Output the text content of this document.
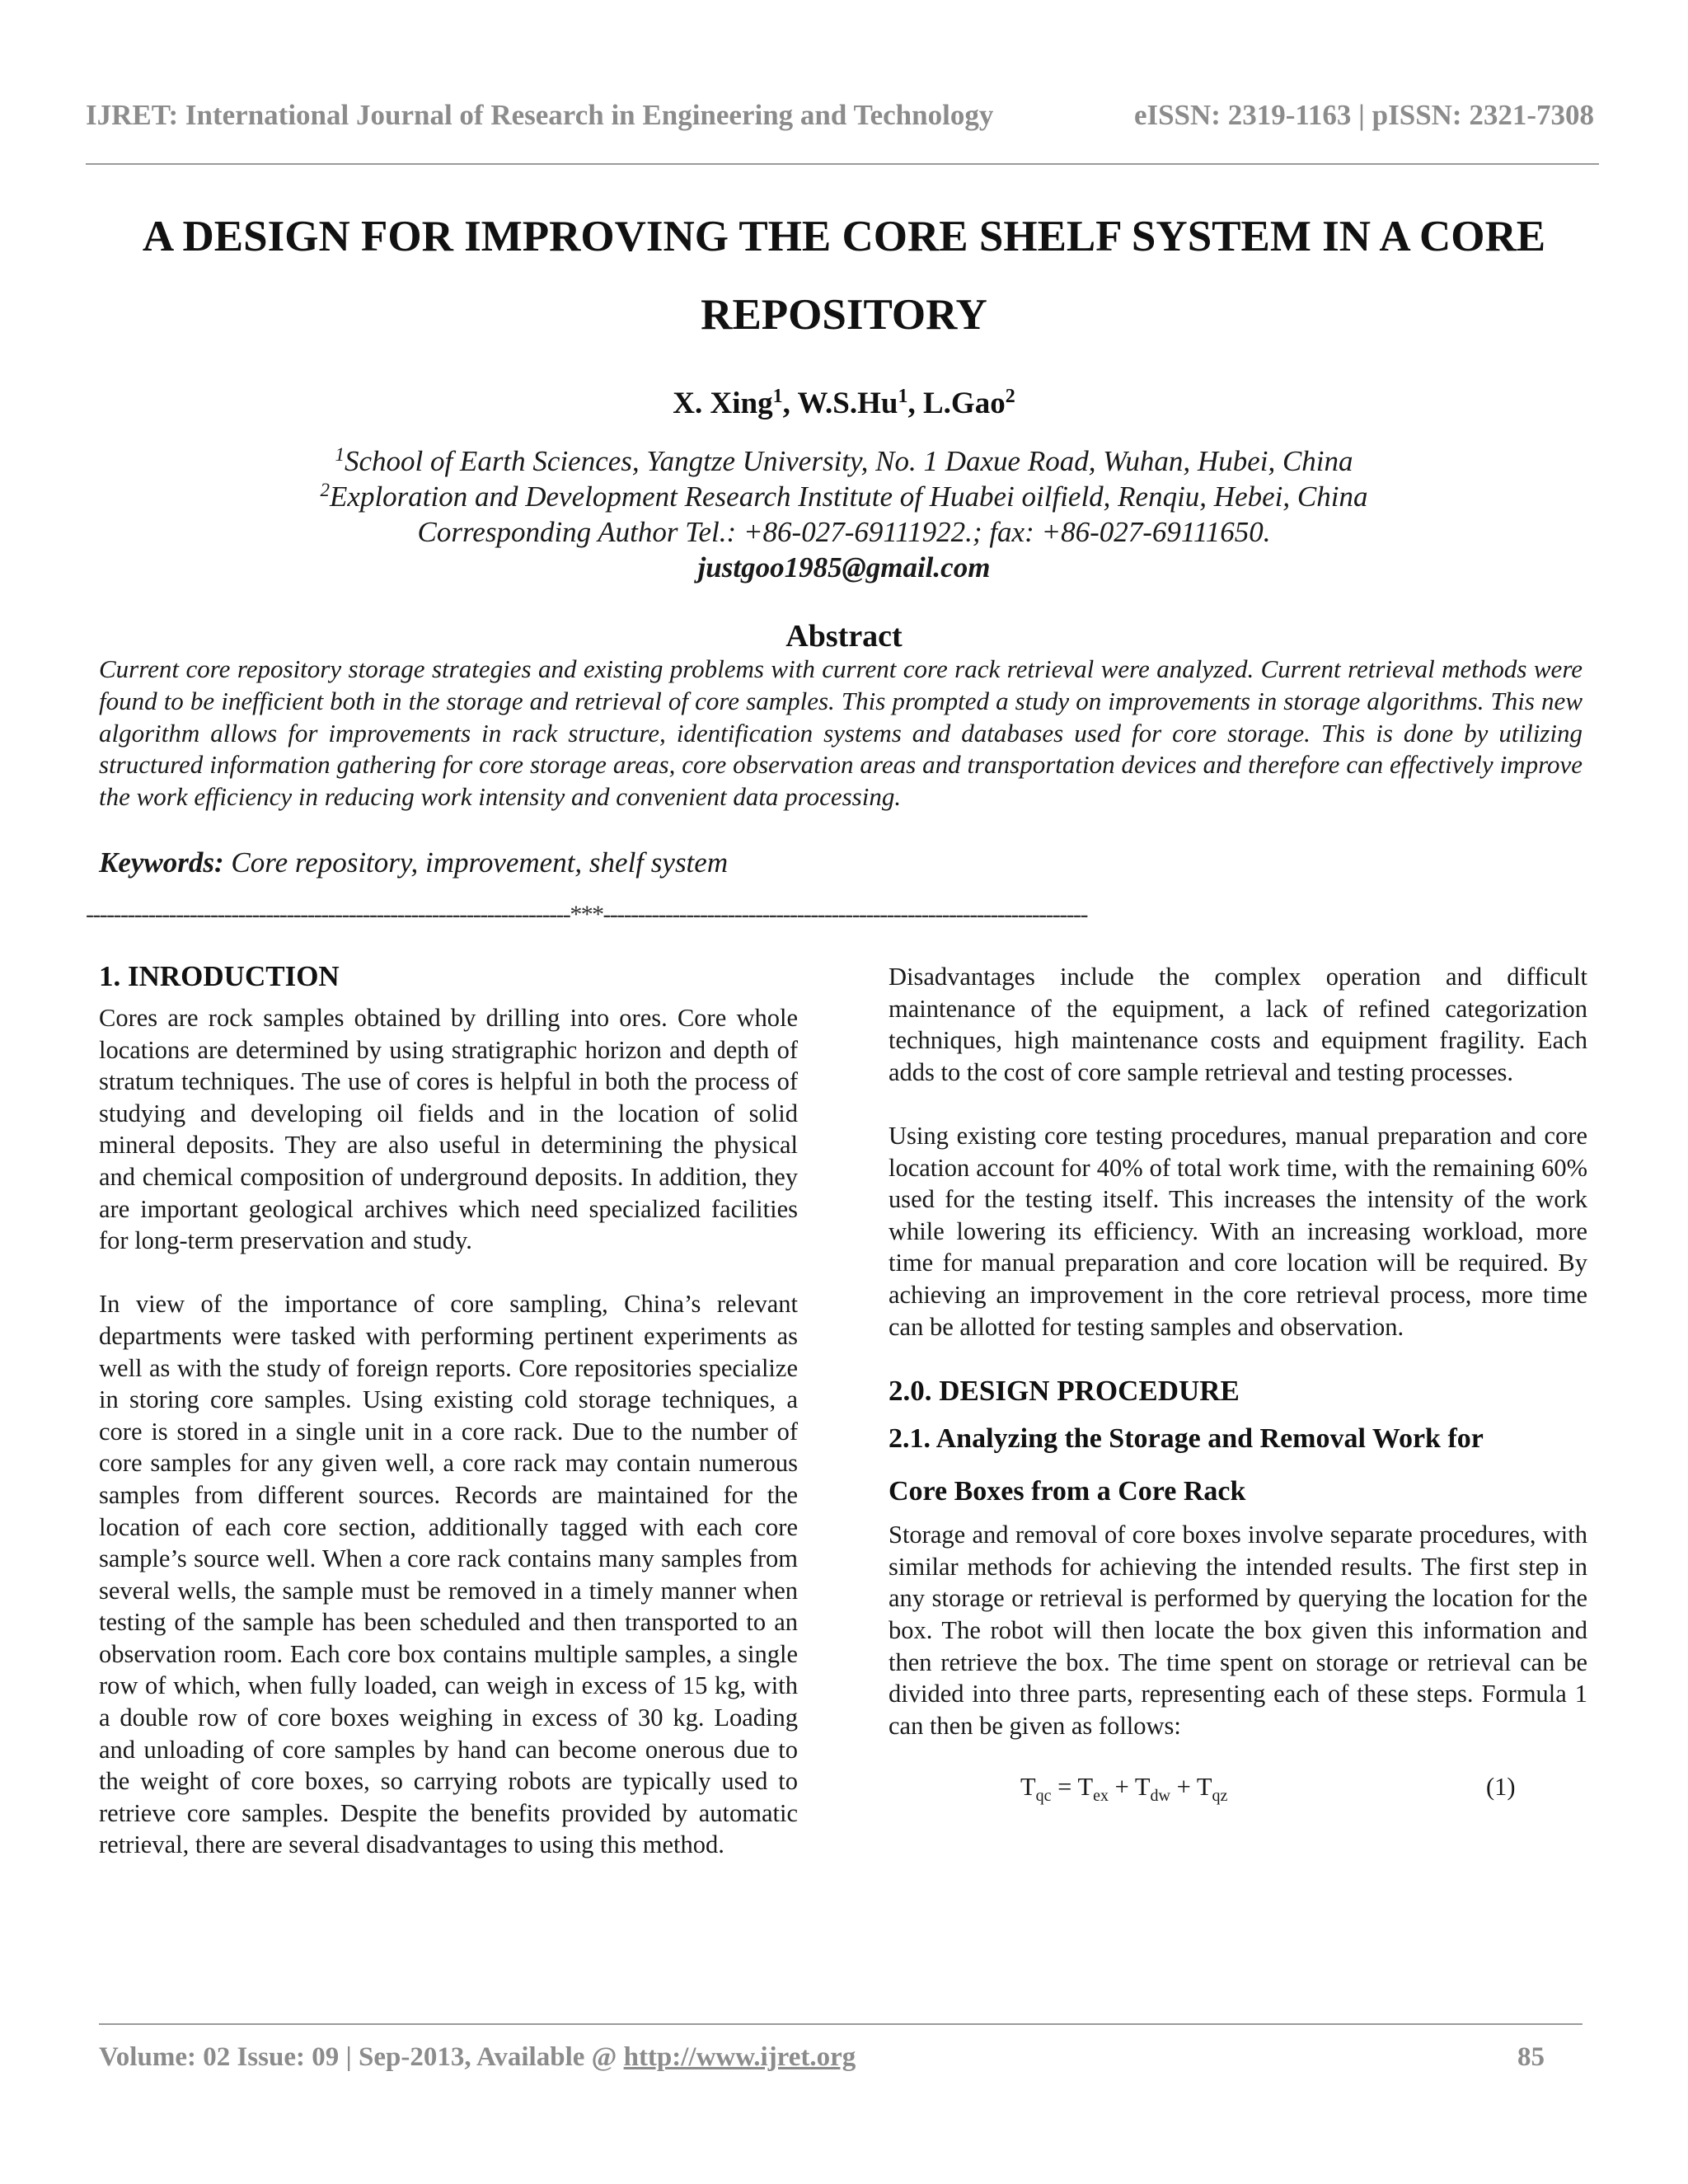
IJRET: International Journal of Research in Engineering and Technology	eISSN: 2319-1163 | pISSN: 2321-7308
A DESIGN FOR IMPROVING THE CORE SHELF SYSTEM IN A CORE
REPOSITORY
X. Xing$^1$, W.S.Hu$^1$, L.Gao$^2$
$^1$School of Earth Sciences, Yangtze University, No. 1 Daxue Road, Wuhan, Hubei, China
$^2$Exploration and Development Research Institute of Huabei oilfield, Renqiu, Hebei, China
Corresponding Author Tel.: +86-027-69111922.; fax: +86-027-69111650.
justgoo1985@gmail.com
Abstract

Current core repository storage strategies and existing problems with current core rack retrieval were analyzed. Current retrieval methods were found to be inefficient both in the storage and retrieval of core samples. This prompted a study on improvements in storage algorithms. This new algorithm allows for improvements in rack structure, identification systems and databases used for core storage. This is done by utilizing structured information gathering for core storage areas, core observation areas and transportation devices and therefore can effectively improve the work efficiency in reducing work intensity and convenient data processing.

Keywords: Core repository, improvement, shelf system
----------------------------------------------------------------------***----------------------------------------------------------------------
1. INRODUCTION

Cores are rock samples obtained by drilling into ores. Core whole locations are determined by using stratigraphic horizon and depth of stratum techniques. The use of cores is helpful in both the process of studying and developing oil fields and in the location of solid mineral deposits. They are also useful in determining the physical and chemical composition of underground deposits. In addition, they are important geological archives which need specialized facilities for long-term preservation and study.

In view of the importance of core sampling, China’s relevant departments were tasked with performing pertinent experiments as well as with the study of foreign reports. Core repositories specialize in storing core samples. Using existing cold storage techniques, a core is stored in a single unit in a core rack. Due to the number of core samples for any given well, a core rack may contain numerous samples from different sources. Records are maintained for the location of each core section, additionally tagged with each core sample’s source well. When a core rack contains many samples from several wells, the sample must be removed in a timely manner when testing of the sample has been scheduled and then transported to an observation room. Each core box contains multiple samples, a single row of which, when fully loaded, can weigh in excess of 15 kg, with a double row of core boxes weighing in excess of 30 kg. Loading and unloading of core samples by hand can become onerous due to the weight of core boxes, so carrying robots are typically used to retrieve core samples. Despite the benefits provided by automatic retrieval, there are several disadvantages to using this method.

Disadvantages include the complex operation and difficult maintenance of the equipment, a lack of refined categorization techniques, high maintenance costs and equipment fragility. Each adds to the cost of core sample retrieval and testing processes.

Using existing core testing procedures, manual preparation and core location account for 40% of total work time, with the remaining 60% used for the testing itself. This increases the intensity of the work while lowering its efficiency. With an increasing workload, more time for manual preparation and core location will be required. By achieving an improvement in the core retrieval process, more time can be allotted for testing samples and observation.

2.0. DESIGN PROCEDURE
2.1. Analyzing the Storage and Removal Work for
Core Boxes from a Core Rack

Storage and removal of core boxes involve separate procedures, with similar methods for achieving the intended results. The first step in any storage or retrieval is performed by querying the location for the box. The robot will then locate the box given this information and then retrieve the box. The time spent on storage or retrieval can be divided into three parts, representing each of these steps. Formula 1 can then be given as follows:

$T_{qc} = T_{ex} + T_{dw} + T_{qz}$	(1)
Volume: 02 Issue: 09 | Sep-2013, Available @ http://www.ijret.org	85
